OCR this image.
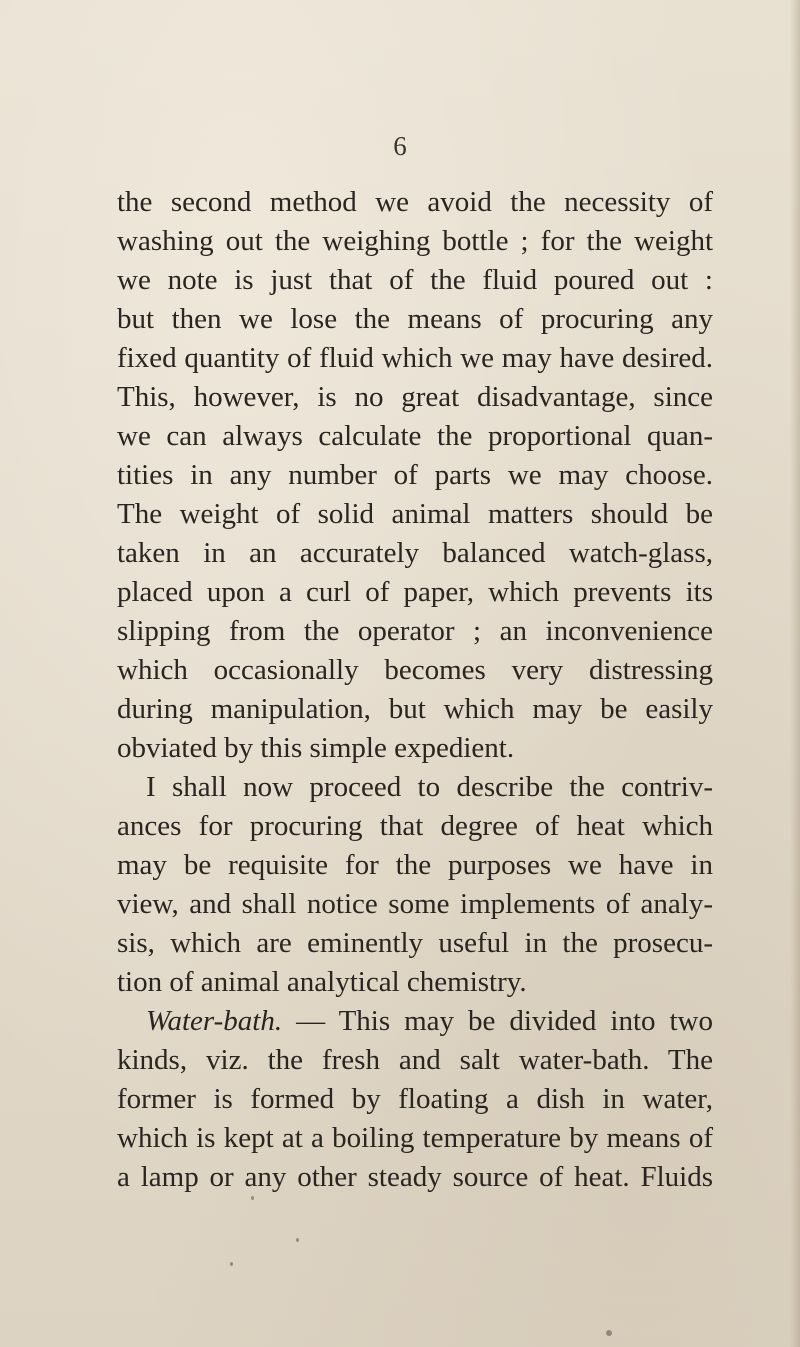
6
the second method we avoid the necessity of
washing out the weighing bottle ; for the weight
we note is just that of the fluid poured out :
but then we lose the means of procuring any
fixed quantity of fluid which we may have desired.
This, however, is no great disadvantage, since
we can always calculate the proportional quan-
tities in any number of parts we may choose.
The weight of solid animal matters should be
taken in an accurately balanced watch-glass,
placed upon a curl of paper, which prevents its
slipping from the operator ; an inconvenience
which occasionally becomes very distressing
during manipulation, but which may be easily
obviated by this simple expedient.
I shall now proceed to describe the contriv-
ances for procuring that degree of heat which
may be requisite for the purposes we have in
view, and shall notice some implements of analy-
sis, which are eminently useful in the prosecu-
tion of animal analytical chemistry.
Water-bath. — This may be divided into two
kinds, viz. the fresh and salt water-bath. The
former is formed by floating a dish in water,
which is kept at a boiling temperature by means of
a lamp or any other steady source of heat. Fluids
